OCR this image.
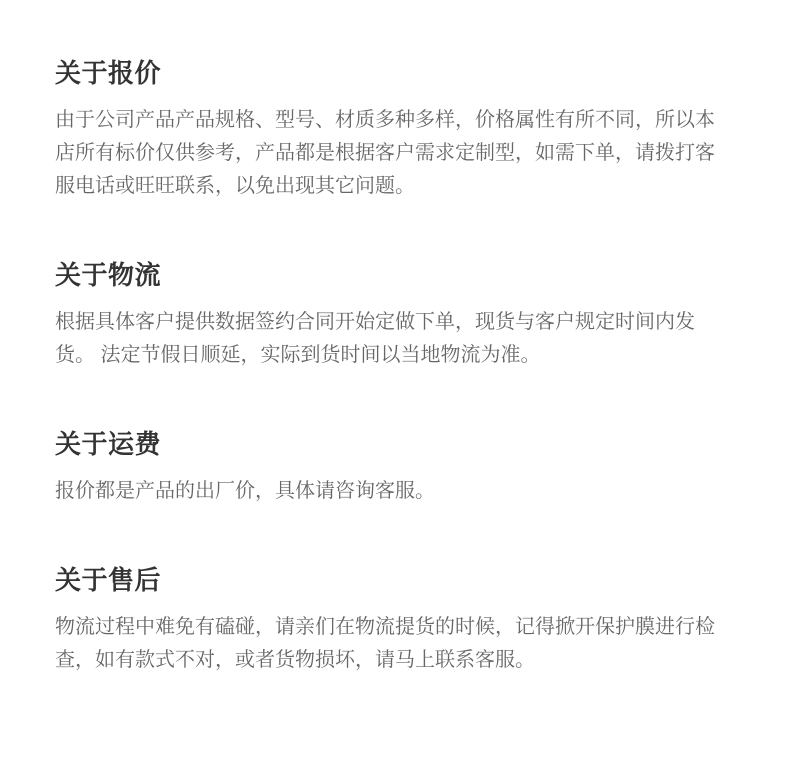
关于报价

由于公司产品产品规格、型号、材质多种多样，价格属性有所不同，所以本店所有标价仅供参考，产品都是根据客户需求定制型，如需下单，请拨打客服电话或旺旺联系，以免出现其它问题。

关于物流

根据具体客户提供数据签约合同开始定做下单，现货与客户规定时间内发货。 法定节假日顺延，实际到货时间以当地物流为准。

关于运费

报价都是产品的出厂价，具体请咨询客服。

关于售后

物流过程中难免有磕碰，请亲们在物流提货的时候，记得掀开保护膜进行检查，如有款式不对，或者货物损坏，请马上联系客服。
